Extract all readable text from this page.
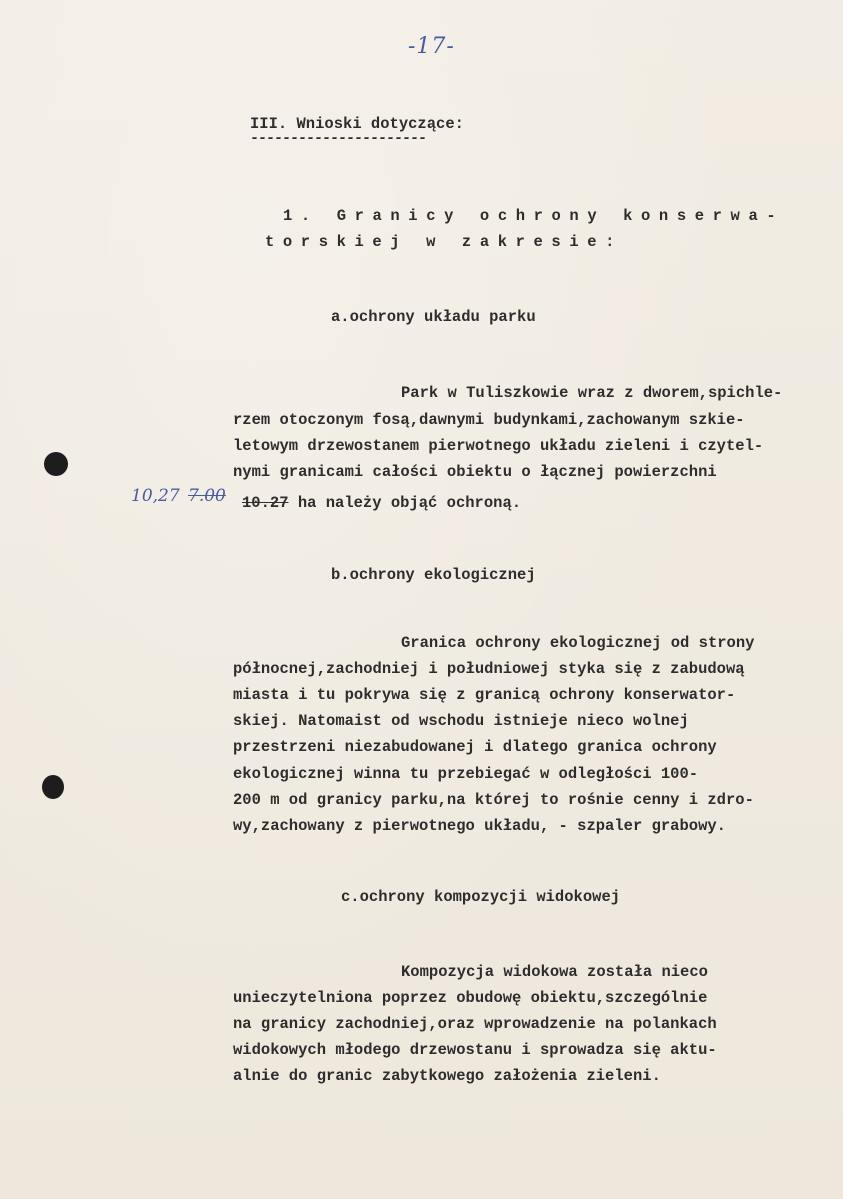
-17-
III. Wnioski dotyczące:
----------------------
1. Granicy ochrony konserwa-
torskiej w zakresie:
a.ochrony układu parku
Park w Tuliszkowie wraz z dworem,spichle-
rzem otoczonym fosą,dawnymi budynkami,zachowanym szkie-
letowym drzewostanem pierwotnego układu zieleni i czytel-
nymi granicami całości obiektu o łącznej powierzchni
10,27 7.00 10.27 ha należy objąć ochroną.
b.ochrony ekologicznej
Granica ochrony ekologicznej od strony
północnej,zachodniej i południowej styka się z zabudową
miasta i tu pokrywa się z granicą ochrony konserwator-
skiej. Natomaist od wschodu istnieje nieco wolnej
przestrzeni niezabudowanej i dlatego granica ochrony
ekologicznej winna tu przebiegać w odległości 100-
200 m od granicy parku,na której to rośnie cenny i zdro-
wy,zachowany z pierwotnego układu, - szpaler grabowy.
c.ochrony kompozycji widokowej
Kompozycja widokowa została nieco
unieczytelniona poprzez obudowę obiektu,szczególnie
na granicy zachodniej,oraz wprowadzenie na polankach
widokowych młodego drzewostanu i sprowadza się aktu-
alnie do granic zabytkowego założenia zieleni.
